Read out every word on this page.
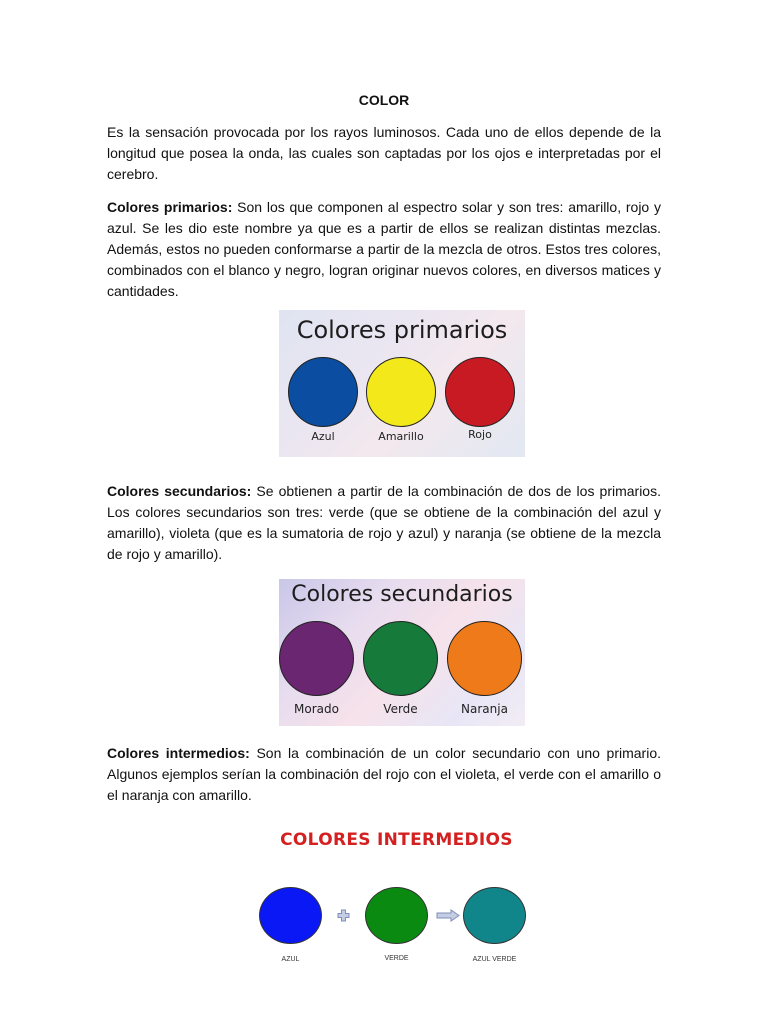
COLOR

Es la sensación provocada por los rayos luminosos. Cada uno de ellos depende de la longitud que posea la onda, las cuales son captadas por los ojos e interpretadas por el cerebro.

Colores primarios: Son los que componen al espectro solar y son tres: amarillo, rojo y azul. Se les dio este nombre ya que es a partir de ellos se realizan distintas mezclas. Además, estos no pueden conformarse a partir de la mezcla de otros. Estos tres colores, combinados con el blanco y negro, logran originar nuevos colores, en diversos matices y cantidades.

Colores primarios
Azul	Amarillo	Rojo

Colores secundarios: Se obtienen a partir de la combinación de dos de los primarios. Los colores secundarios son tres: verde (que se obtiene de la combinación del azul y amarillo), violeta (que es la sumatoria de rojo y azul) y naranja (se obtiene de la mezcla de rojo y amarillo).

Colores secundarios
Morado	Verde	Naranja

Colores intermedios: Son la combinación de un color secundario con uno primario. Algunos ejemplos serían la combinación del rojo con el violeta, el verde con el amarillo o el naranja con amarillo.

COLORES INTERMEDIOS
AZUL	VERDE	AZUL VERDE
